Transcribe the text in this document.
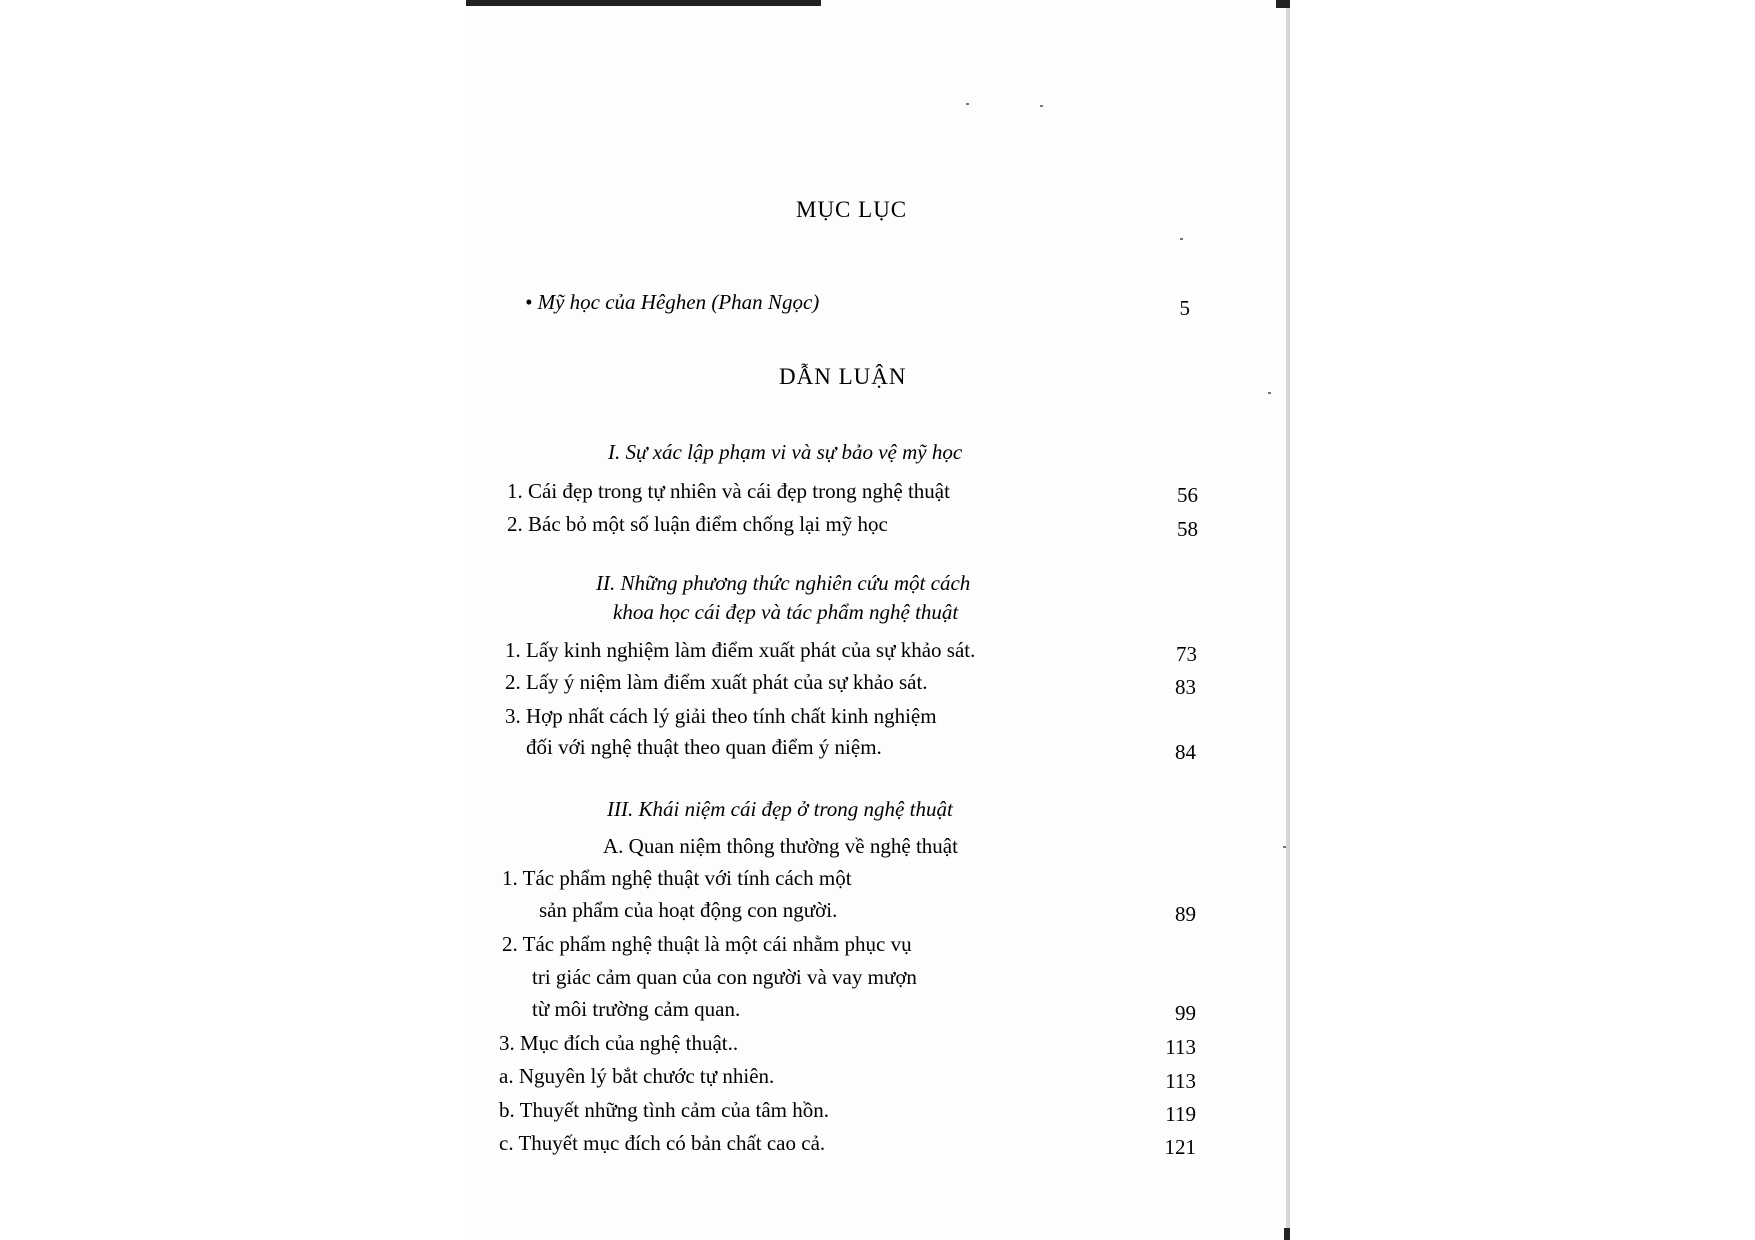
MỤC LỤC
• Mỹ học của Hêghen (Phan Ngọc)	5
DẪN LUẬN
I. Sự xác lập phạm vi và sự bảo vệ mỹ học
1. Cái đẹp trong tự nhiên và cái đẹp trong nghệ thuật	56
2. Bác bỏ một số luận điểm chống lại mỹ học	58
II. Những phương thức nghiên cứu một cách
khoa học cái đẹp và tác phẩm nghệ thuật
1. Lấy kinh nghiệm làm điểm xuất phát của sự khảo sát.	73
2. Lấy ý niệm làm điểm xuất phát của sự khảo sát.	83
3. Hợp nhất cách lý giải theo tính chất kinh nghiệm
đối với nghệ thuật theo quan điểm ý niệm.	84
III. Khái niệm cái đẹp ở trong nghệ thuật
A. Quan niệm thông thường về nghệ thuật
1. Tác phẩm nghệ thuật với tính cách một
sản phẩm của hoạt động con người.	89
2. Tác phẩm nghệ thuật là một cái nhằm phục vụ
tri giác cảm quan của con người và vay mượn
từ môi trường cảm quan.	99
3. Mục đích của nghệ thuật..	113
a. Nguyên lý bắt chước tự nhiên.	113
b. Thuyết những tình cảm của tâm hồn.	119
c. Thuyết mục đích có bản chất cao cả.	121
